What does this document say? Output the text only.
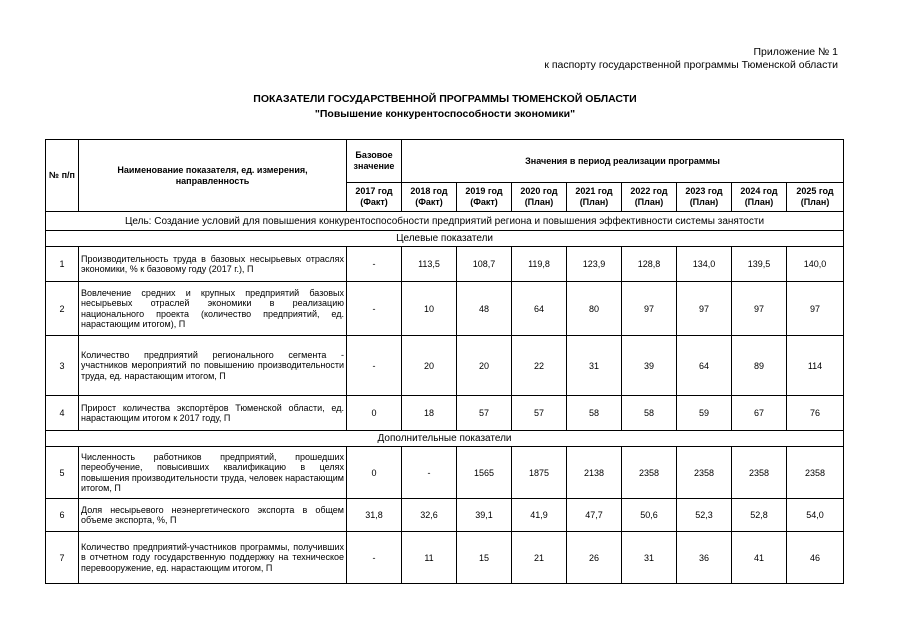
Приложение № 1
к паспорту государственной программы Тюменской области
ПОКАЗАТЕЛИ ГОСУДАРСТВЕННОЙ ПРОГРАММЫ ТЮМЕНСКОЙ ОБЛАСТИ
"Повышение конкурентоспособности экономики"
№ п/п	Наименование показателя, ед. измерения, направленность	Базовое значение	Значения в период реализации программы							
		2017 год (Факт)	2018 год (Факт)	2019 год (Факт)	2020 год (План)	2021 год (План)	2022 год (План)	2023 год (План)	2024 год (План)	2025 год (План)
Цель: Создание условий для повышения конкурентоспособности предприятий региона и повышения эффективности системы занятости										
Целевые показатели										
1	Производительность труда в базовых несырьевых отраслях экономики, % к базовому году (2017 г.), П	-	113,5	108,7	119,8	123,9	128,8	134,0	139,5	140,0
2	Вовлечение средних и крупных предприятий базовых несырьевых отраслей экономики в реализацию национального проекта (количество предприятий, ед. нарастающим итогом), П	-	10	48	64	80	97	97	97	97
3	Количество предприятий регионального сегмента - участников мероприятий по повышению производительности труда, ед. нарастающим итогом, П	-	20	20	22	31	39	64	89	114
4	Прирост количества экспортёров Тюменской области, ед. нарастающим итогом к 2017 году, П	0	18	57	57	58	58	59	67	76
Дополнительные показатели										
5	Численность работников предприятий, прошедших переобучение, повысивших квалификацию в целях повышения производительности труда, человек нарастающим итогом, П	0	-	1565	1875	2138	2358	2358	2358	2358
6	Доля несырьевого неэнергетического экспорта в общем объеме экспорта, %, П	31,8	32,6	39,1	41,9	47,7	50,6	52,3	52,8	54,0
7	Количество предприятий-участников программы, получивших в отчетном году государственную поддержку на техническое перевооружение, ед. нарастающим итогом, П	-	11	15	21	26	31	36	41	46
